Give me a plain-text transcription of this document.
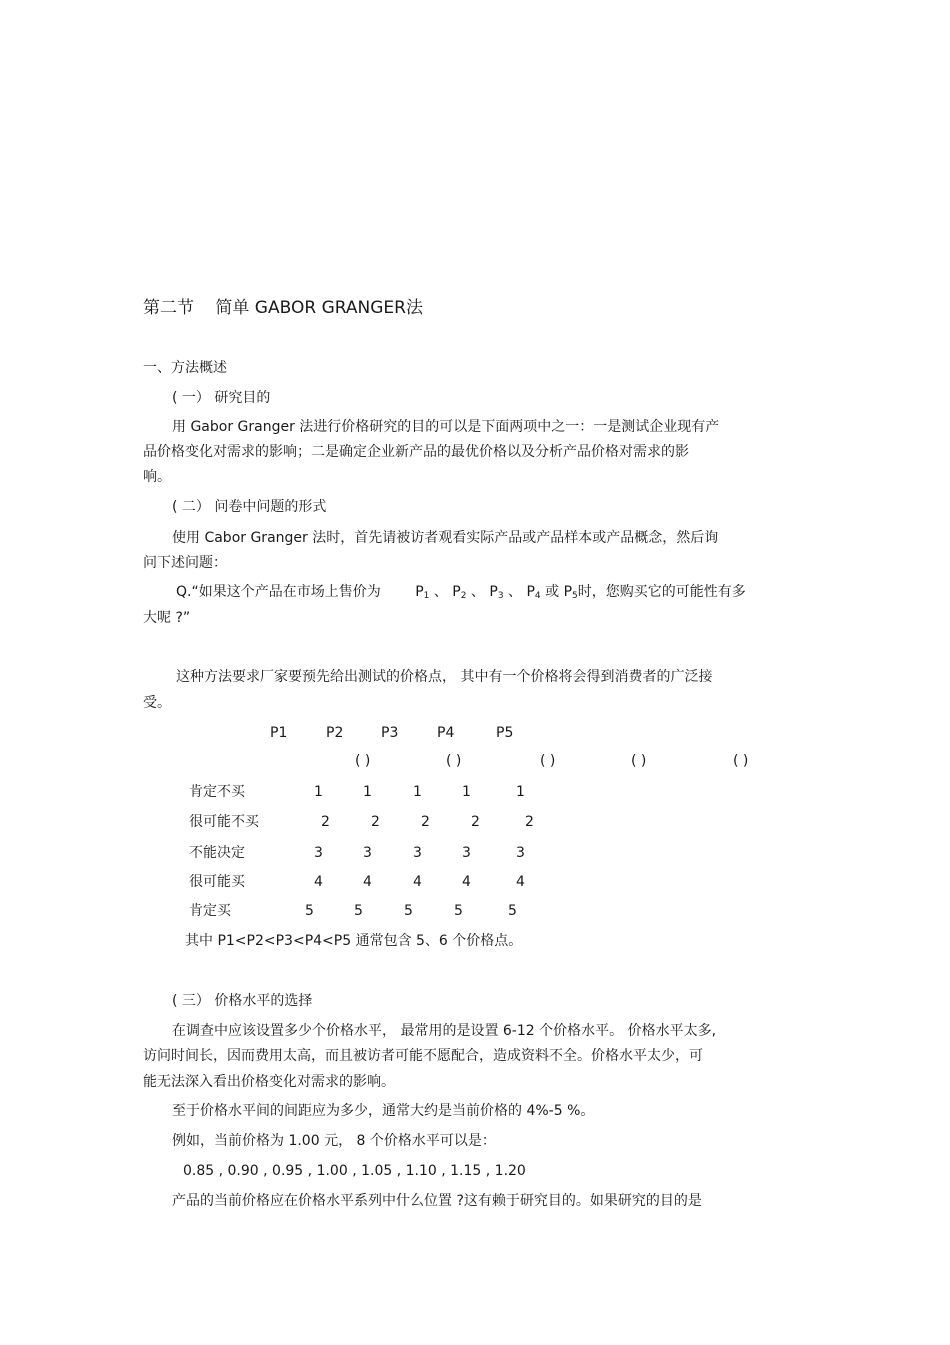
第二节 简单 GABOR GRANGER法
一、方法概述
( 一） 研究目的
用 Gabor Granger 法进行价格研究的目的可以是下面两项中之一：一是测试企业现有产
品价格变化对需求的影响；二是确定企业新产品的最优价格以及分析产品价格对需求的影
响。
( 二） 问卷中问题的形式
使用 Cabor Granger 法时，首先请被访者观看实际产品或产品样本或产品概念，然后询
问下述问题：
Q.“如果这个产品在市场上售价为 $P_1$ 、 $P_2$ 、 $P_3$ 、 $P_4$ 或 $P_5$时，您购买它的可能性有多
大呢 ?”
这种方法要求厂家要预先给出测试的价格点， 其中有一个价格将会得到消费者的广泛接
受。
P1	P2	P3	P4	P5
( )	( )	( )	( )	( )
肯定不买	1	1	1	1	1
很可能不买	2	2	2	2	2
不能决定	3	3	3	3	3
很可能买	4	4	4	4	4
肯定买	5	5	5	5	5
其中 P1<P2<P3<P4<P5 通常包含 5、6 个价格点。
( 三） 价格水平的选择
在调查中应该设置多少个价格水平， 最常用的是设置 6-12 个价格水平。 价格水平太多,
访问时间长，因而费用太高，而且被访者可能不愿配合，造成资料不全。价格水平太少，可
能无法深入看出价格变化对需求的影响。
至于价格水平间的间距应为多少，通常大约是当前价格的 4%-5 %。
例如，当前价格为 1.00 元， 8 个价格水平可以是：
0.85 , 0.90 , 0.95 , 1.00 , 1.05 , 1.10 , 1.15 , 1.20
产品的当前价格应在价格水平系列中什么位置 ?这有赖于研究目的。如果研究的目的是
